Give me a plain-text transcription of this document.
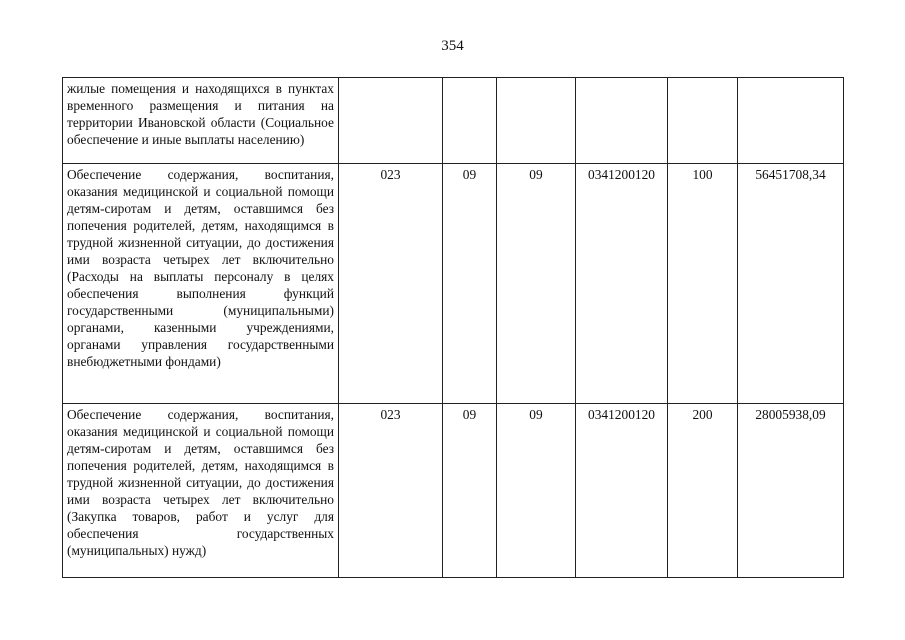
354
жилые помещения и находящихся в пунктах временного размещения и питания на территории Ивановской области (Социальное обеспечение и иные выплаты населению)						
Обеспечение содержания, воспитания, оказания медицинской и социальной помощи детям-сиротам и детям, оставшимся без попечения родителей, детям, находящимся в трудной жизненной ситуации, до достижения ими возраста четырех лет включительно (Расходы на выплаты персоналу в целях обеспечения выполнения функций государственными (муниципальными) органами, казенными учреждениями, органами управления государственными внебюджетными фондами)	023	09	09	0341200120	100	56451708,34
Обеспечение содержания, воспитания, оказания медицинской и социальной помощи детям-сиротам и детям, оставшимся без попечения родителей, детям, находящимся в трудной жизненной ситуации, до достижения ими возраста четырех лет включительно (Закупка товаров, работ и услуг для обеспечения государственных (муниципальных) нужд)	023	09	09	0341200120	200	28005938,09
